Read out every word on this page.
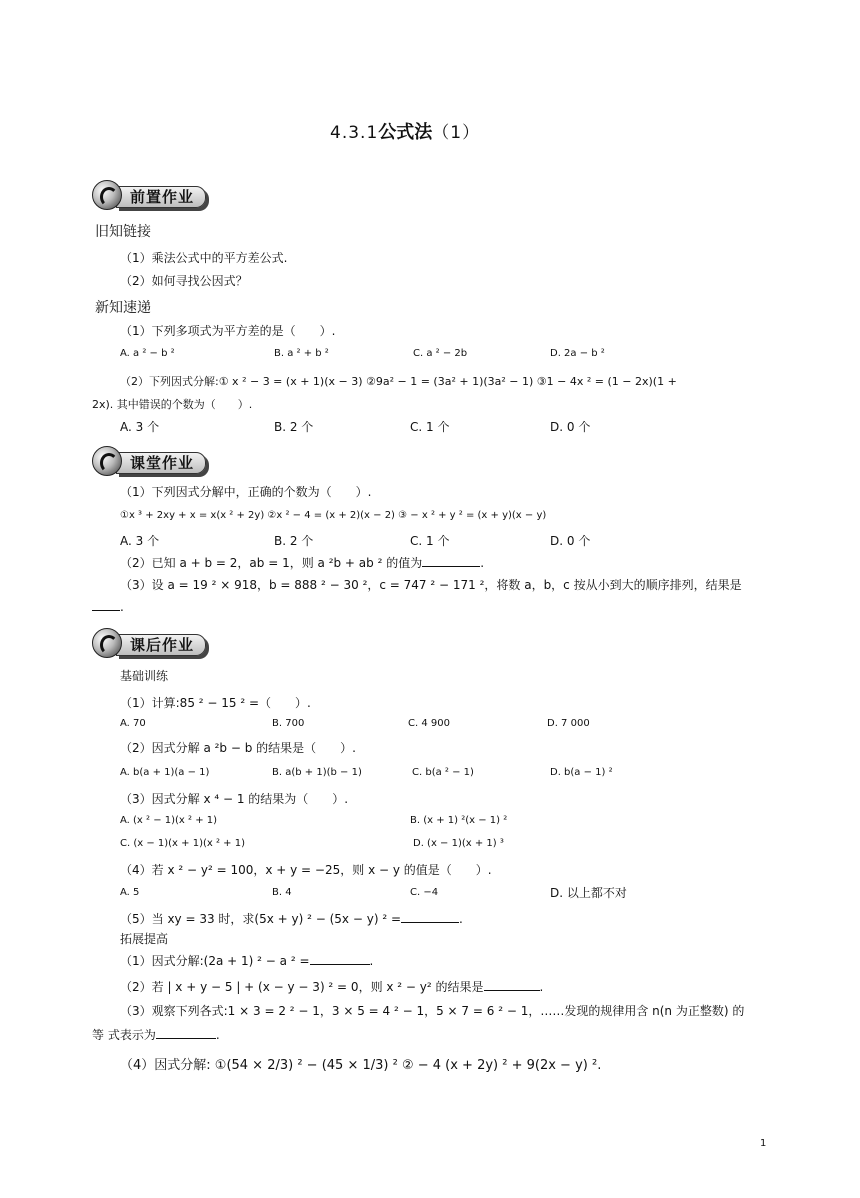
4.3.1公式法（1）
前置作业
旧知链接
（1）乘法公式中的平方差公式.
（2）如何寻找公因式？
新知速递
（1）下列多项式为平方差的是（　　）.
A. a ² − b ²	B. a ² + b ²	C. a ² − 2b	D. 2a − b ²
（2）下列因式分解:① x ² − 3 = (x + 1)(x − 3) ②9a² − 1 = (3a² + 1)(3a² − 1) ③1 − 4x ² = (1 − 2x)(1 +
2x). 其中错误的个数为（　　）.
A. 3 个	B. 2 个	C. 1 个	D. 0 个
课堂作业
（1）下列因式分解中，正确的个数为（　　）.
①x ³ + 2xy + x = x(x ² + 2y) ②x ² − 4 = (x + 2)(x − 2) ③ − x ² + y ² = (x + y)(x − y)
A. 3 个	B. 2 个	C. 1 个	D. 0 个
（2）已知 a + b = 2，ab = 1，则 a ²b + ab ² 的值为	.
（3）设 a = 19 ² × 918，b = 888 ² − 30 ²，c = 747 ² − 171 ²，将数 a，b，c 按从小到大的顺序排列，结果是
.
课后作业
基础训练
（1）计算:85 ² − 15 ² =（　　）.
A. 70	B. 700	C. 4 900	D. 7 000
（2）因式分解 a ²b − b 的结果是（　　）.
A. b(a + 1)(a − 1)	B. a(b + 1)(b − 1)	C. b(a ² − 1)	D. b(a − 1) ²
（3）因式分解 x ⁴ − 1 的结果为（　　）.
A. (x ² − 1)(x ² + 1)	B. (x + 1) ²(x − 1) ²
C. (x − 1)(x + 1)(x ² + 1)	D. (x − 1)(x + 1) ³
（4）若 x ² − y² = 100，x + y = −25，则 x − y 的值是（　　）.
A. 5	B. 4	C. −4	D. 以上都不对
（5）当 xy = 33 时，求(5x + y) ² − (5x − y) ² =	.
拓展提高
（1）因式分解:(2a + 1) ² − a ² =	.
（2）若 | x + y − 5 | + (x − y − 3) ² = 0，则 x ² − y² 的结果是	.
（3）观察下列各式:1 × 3 = 2 ² − 1，3 × 5 = 4 ² − 1，5 × 7 = 6 ² − 1，……发现的规律用含 n(n 为正整数) 的
等 式表示为	.
（4）因式分解: ①(54 × 2/3) ² − (45 × 1/3) ² ② − 4 (x + 2y) ² + 9(2x − y) ².
1
